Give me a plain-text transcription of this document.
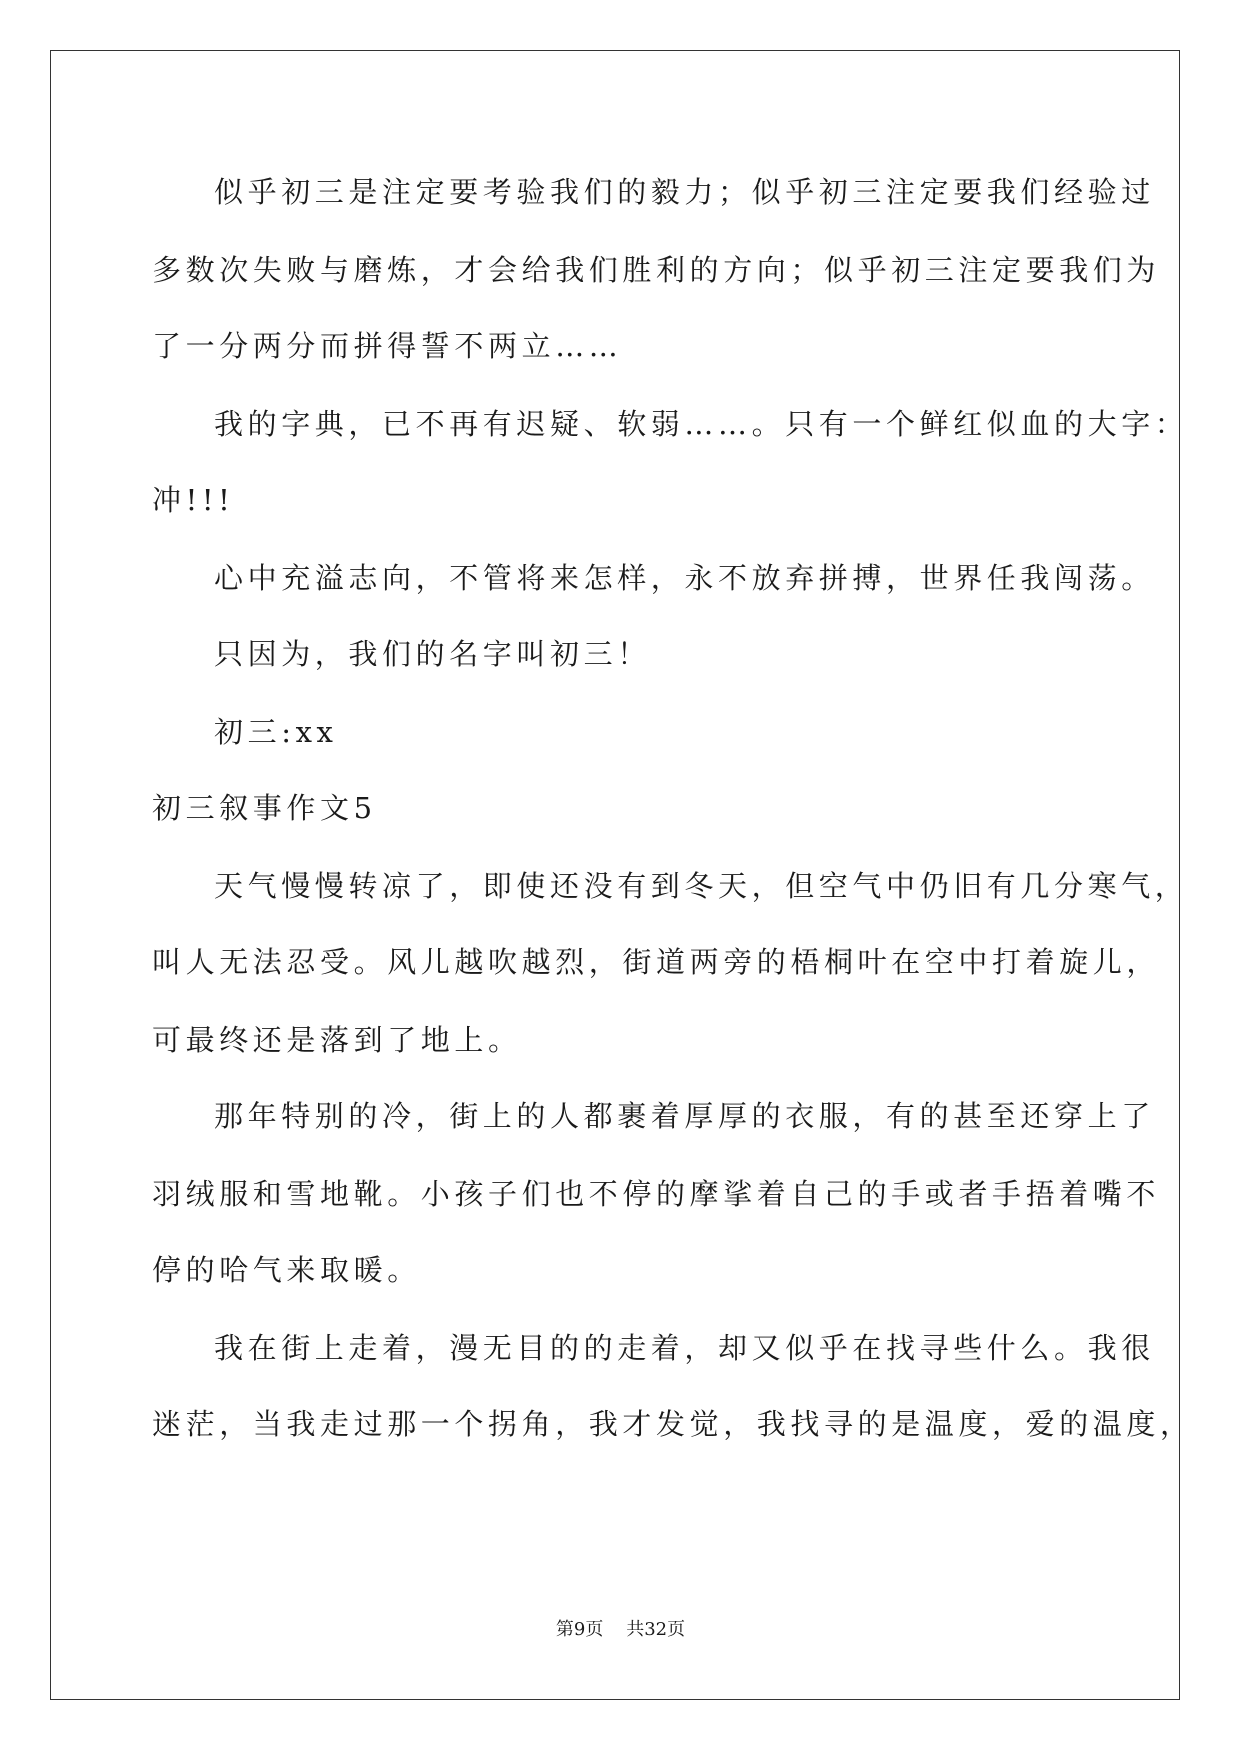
似乎初三是注定要考验我们的毅力；似乎初三注定要我们经验过
多数次失败与磨炼，才会给我们胜利的方向；似乎初三注定要我们为
了一分两分而拼得誓不两立……
我的字典，已不再有迟疑、软弱……。只有一个鲜红似血的大字：
冲!!!
心中充溢志向，不管将来怎样，永不放弃拼搏，世界任我闯荡。
只因为，我们的名字叫初三！
初三:xx
初三叙事作文5
天气慢慢转凉了，即使还没有到冬天，但空气中仍旧有几分寒气，
叫人无法忍受。风儿越吹越烈，街道两旁的梧桐叶在空中打着旋儿，
可最终还是落到了地上。
那年特别的冷，街上的人都裹着厚厚的衣服，有的甚至还穿上了
羽绒服和雪地靴。小孩子们也不停的摩挲着自己的手或者手捂着嘴不
停的哈气来取暖。
我在街上走着，漫无目的的走着，却又似乎在找寻些什么。我很
迷茫，当我走过那一个拐角，我才发觉，我找寻的是温度，爱的温度，
第9页 共32页
